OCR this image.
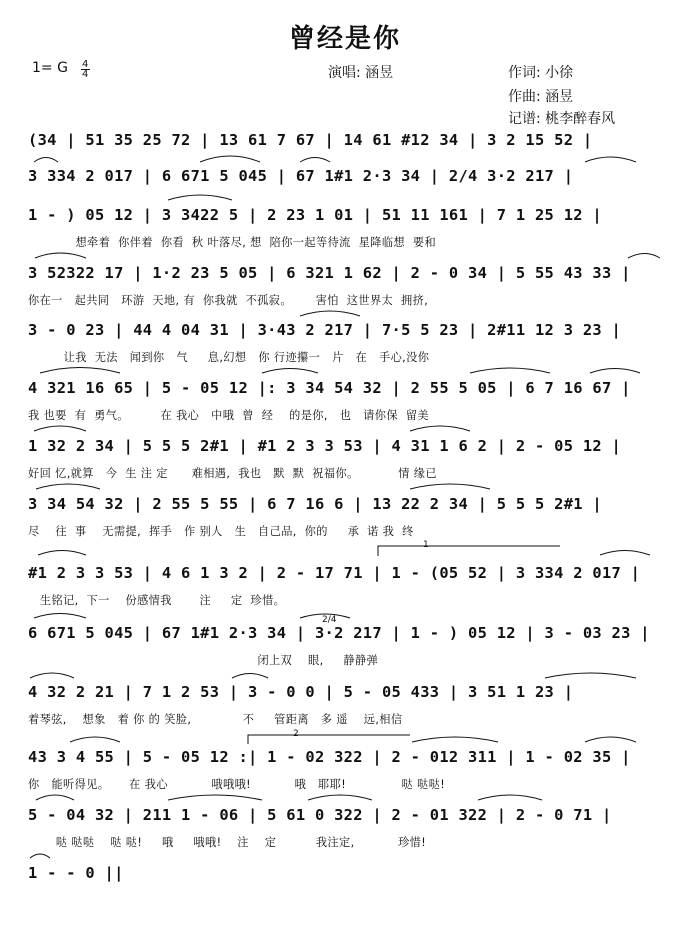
曾经是你
1= G 4
4	演唱: 涵昱	作词: 小徐
作曲: 涵昱
记谱: 桃李醉春风
(34 | 51 35 25 72 | 13 61 7 67 | 14 61 #12 34 | 3 2 15 52 |
3 334 2 017 | 6 671 5 045 | 67 1#1 2·3 34 | 2/4 3·2 217 |
1 - ) 05 12 | 3 3422 5 | 2 23 1 01 | 51 11 161 | 7 1 25 12 |
想牵着  你伴着  你看  秋 叶落尽, 想  陪你一起等待流  星降临想  要和
3 52322 17 | 1·2 23 5 05 | 6 321 1 62 | 2 - 0 34 | 5 55 43 33 |
你在一   起共同   环游  天地, 有  你我就  不孤寂。      害怕  这世界太  拥挤,
3 - 0 23 | 44 4 04 31 | 3·43 2 217 | 7·5 5 23 | 2#11 12 3 23 |
让我  无法   闻到你   气     息,幻想   你 行迹攥一   片   在   手心,没你
4 321 16 65 | 5 - 05 12 |: 3 34 54 32 | 2 55 5 05 | 6 7 16 67 |
我 也要  有  勇气。        在 我心   中哦  曾  经    的是你,   也   请你保  留美
1 32 2 34 | 5 5 5 2#1 | #1 2 3 3 53 | 4 31 1 6 2 | 2 - 05 12 |
好回 忆,就算   今  生 注 定      难相遇,  我也   默  默  祝福你。          情 缘已
3 34 54 32 | 2 55 5 55 | 6 7 16 6 | 13 22 2 34 | 5 5 5 2#1 |
尽    往  事    无需提,  挥手   作 别人   生   自己品,  你的     承  诺 我  终
#1 2 3 3 53 | 4 6 1 3 2 | 2 - 17 71 | 1 - (05 52 | 3 334 2 017 |
生铭记,  下一    份感情我       注     定  珍惜。
6 671 5 045 | 67 1#1 2·3 34 | 3·2 217 | 1 - ) 05 12 | 3 - 03 23 |
闭上双    眼,     静静弹
4 32 2 21 | 7 1 2 53 | 3 - 0 0 | 5 - 05 433 | 3 51 1 23 |
着琴弦,    想象   着 你 的 笑脸,             不     管距离   多 遥    远,相信
43 3 4 55 | 5 - 05 12 :| 1 - 02 322 | 2 - 012 311 | 1 - 02 35 |
你   能听得见。     在 我心           哦哦哦!           哦   耶耶!              哒 哒哒!
5 - 04 32 | 211 1 - 06 | 5 61 0 322 | 2 - 01 322 | 2 - 0 71 |
哒 哒哒    哒 哒!     哦     哦哦!    注    定          我注定,           珍惜!
1 - - 0 ||
1
2
2/4
